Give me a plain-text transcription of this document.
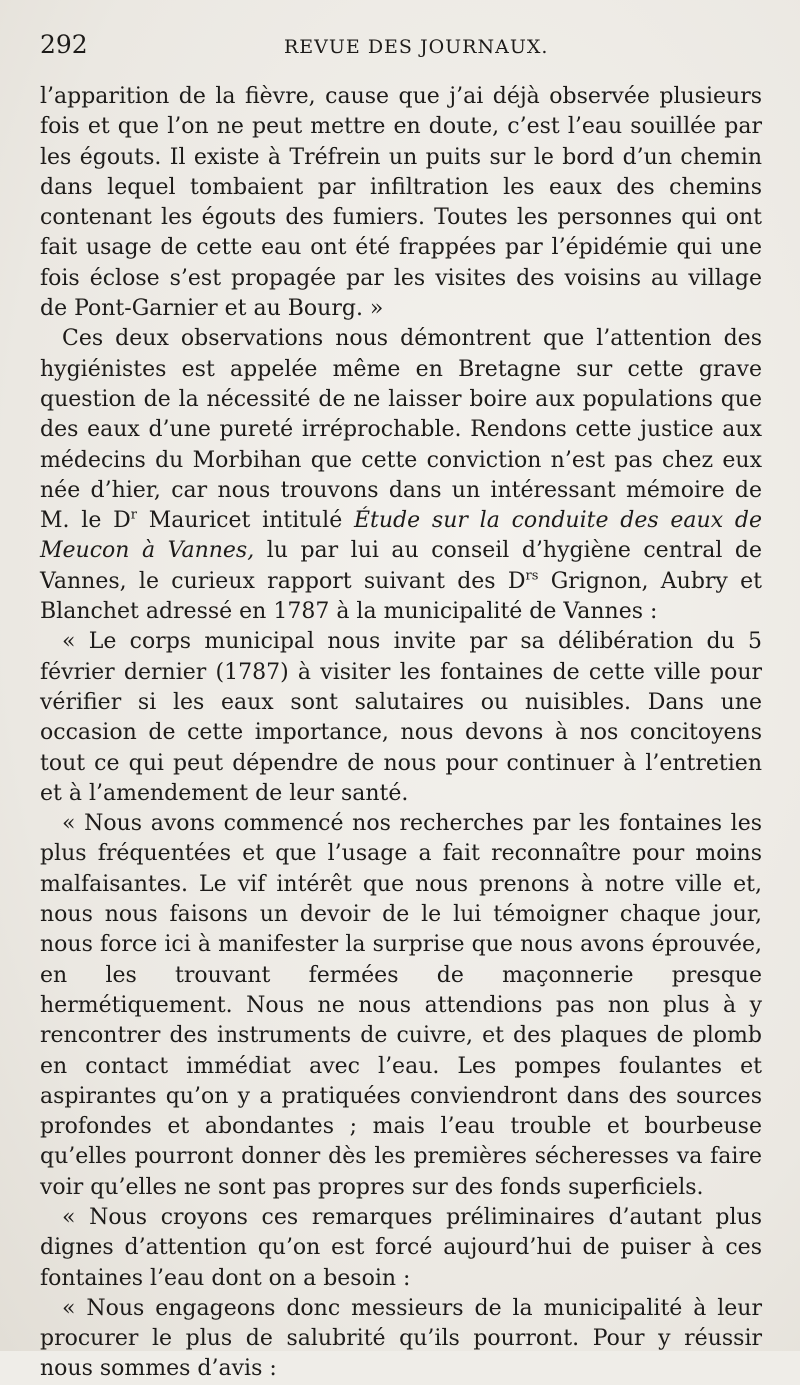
292	REVUE DES JOURNAUX.

l’apparition de la fièvre, cause que j’ai déjà observée plusieurs fois et que l’on ne peut mettre en doute, c’est l’eau souillée par les égouts. Il existe à Tréfrein un puits sur le bord d’un chemin dans lequel tombaient par infiltration les eaux des chemins contenant les égouts des fumiers. Toutes les personnes qui ont fait usage de cette eau ont été frappées par l’épidémie qui une fois éclose s’est propagée par les visites des voisins au village de Pont-Garnier et au Bourg. »

Ces deux observations nous démontrent que l’attention des hygiénistes est appelée même en Bretagne sur cette grave question de la nécessité de ne laisser boire aux populations que des eaux d’une pureté irréprochable. Rendons cette justice aux médecins du Morbihan que cette conviction n’est pas chez eux née d’hier, car nous trouvons dans un intéressant mémoire de M. le $D^r$ Mauricet intitulé Étude sur la conduite des eaux de Meucon à Vannes, lu par lui au conseil d’hygiène central de Vannes, le curieux rapport suivant des $D^{rs}$ Grignon, Aubry et Blanchet adressé en 1787 à la municipalité de Vannes :

« Le corps municipal nous invite par sa délibération du 5 février dernier (1787) à visiter les fontaines de cette ville pour vérifier si les eaux sont salutaires ou nuisibles. Dans une occasion de cette importance, nous devons à nos concitoyens tout ce qui peut dépendre de nous pour continuer à l’entretien et à l’amendement de leur santé.

« Nous avons commencé nos recherches par les fontaines les plus fréquentées et que l’usage a fait reconnaître pour moins malfaisantes. Le vif intérêt que nous prenons à notre ville et, nous nous faisons un devoir de le lui témoigner chaque jour, nous force ici à manifester la surprise que nous avons éprouvée, en les trouvant fermées de maçonnerie presque hermétiquement. Nous ne nous attendions pas non plus à y rencontrer des instruments de cuivre, et des plaques de plomb en contact immédiat avec l’eau. Les pompes foulantes et aspirantes qu’on y a pratiquées conviendront dans des sources profondes et abondantes ; mais l’eau trouble et bourbeuse qu’elles pourront donner dès les premières sécheresses va faire voir qu’elles ne sont pas propres sur des fonds superficiels.

« Nous croyons ces remarques préliminaires d’autant plus dignes d’attention qu’on est forcé aujourd’hui de puiser à ces fontaines l’eau dont on a besoin :

« Nous engageons donc messieurs de la municipalité à leur procurer le plus de salubrité qu’ils pourront. Pour y réussir nous sommes d’avis :
